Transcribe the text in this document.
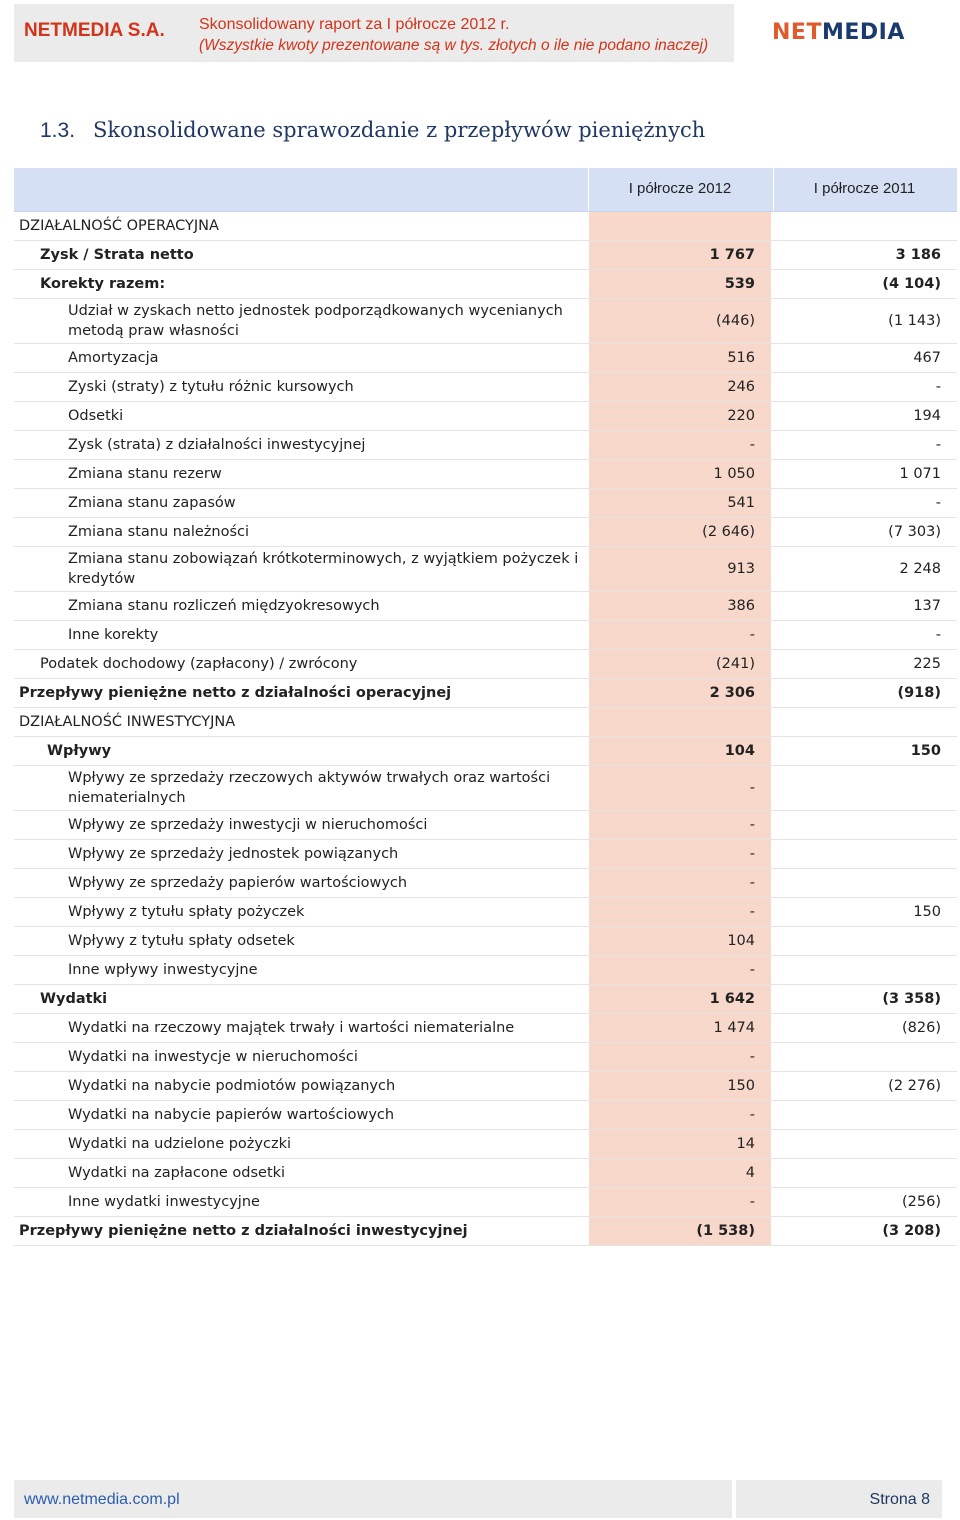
NETMEDIA S.A. Skonsolidowany raport za I półrocze 2012 r.
(Wszystkie kwoty prezentowane są w tys. złotych o ile nie podano inaczej)
NETMEDIA
1.3. Skonsolidowane sprawozdanie z przepływów pieniężnych
I półrocze 2012	I półrocze 2011
DZIAŁALNOŚĆ OPERACYJNA
Zysk / Strata netto	1 767	3 186
Korekty razem:	539	(4 104)
Udział w zyskach netto jednostek podporządkowanych wycenianych metodą praw własności
(446)	(1 143)
Amortyzacja	516	467
Zyski (straty) z tytułu różnic kursowych	246	-
Odsetki	220	194
Zysk (strata) z działalności inwestycyjnej	-	-
Zmiana stanu rezerw	1 050	1 071
Zmiana stanu zapasów	541	-
Zmiana stanu należności	(2 646)	(7 303)
Zmiana stanu zobowiązań krótkoterminowych, z wyjątkiem pożyczek i kredytów
913	2 248
Zmiana stanu rozliczeń międzyokresowych	386	137
Inne korekty	-	-
Podatek dochodowy (zapłacony) / zwrócony	(241)	225
Przepływy pieniężne netto z działalności operacyjnej	2 306	(918)
DZIAŁALNOŚĆ INWESTYCYJNA
Wpływy	104	150
Wpływy ze sprzedaży rzeczowych aktywów trwałych oraz wartości niematerialnych
-
Wpływy ze sprzedaży inwestycji w nieruchomości	-
Wpływy ze sprzedaży jednostek powiązanych	-
Wpływy ze sprzedaży papierów wartościowych	-
Wpływy z tytułu spłaty pożyczek	-	150
Wpływy z tytułu spłaty odsetek	104
Inne wpływy inwestycyjne	-
Wydatki	1 642	(3 358)
Wydatki na rzeczowy majątek trwały i wartości niematerialne	1 474	(826)
Wydatki na inwestycje w nieruchomości	-
Wydatki na nabycie podmiotów powiązanych	150	(2 276)
Wydatki na nabycie papierów wartościowych	-
Wydatki na udzielone pożyczki	14
Wydatki na zapłacone odsetki	4
Inne wydatki inwestycyjne	-	(256)
Przepływy pieniężne netto z działalności inwestycyjnej	(1 538)	(3 208)
www.netmedia.com.pl	Strona 8
